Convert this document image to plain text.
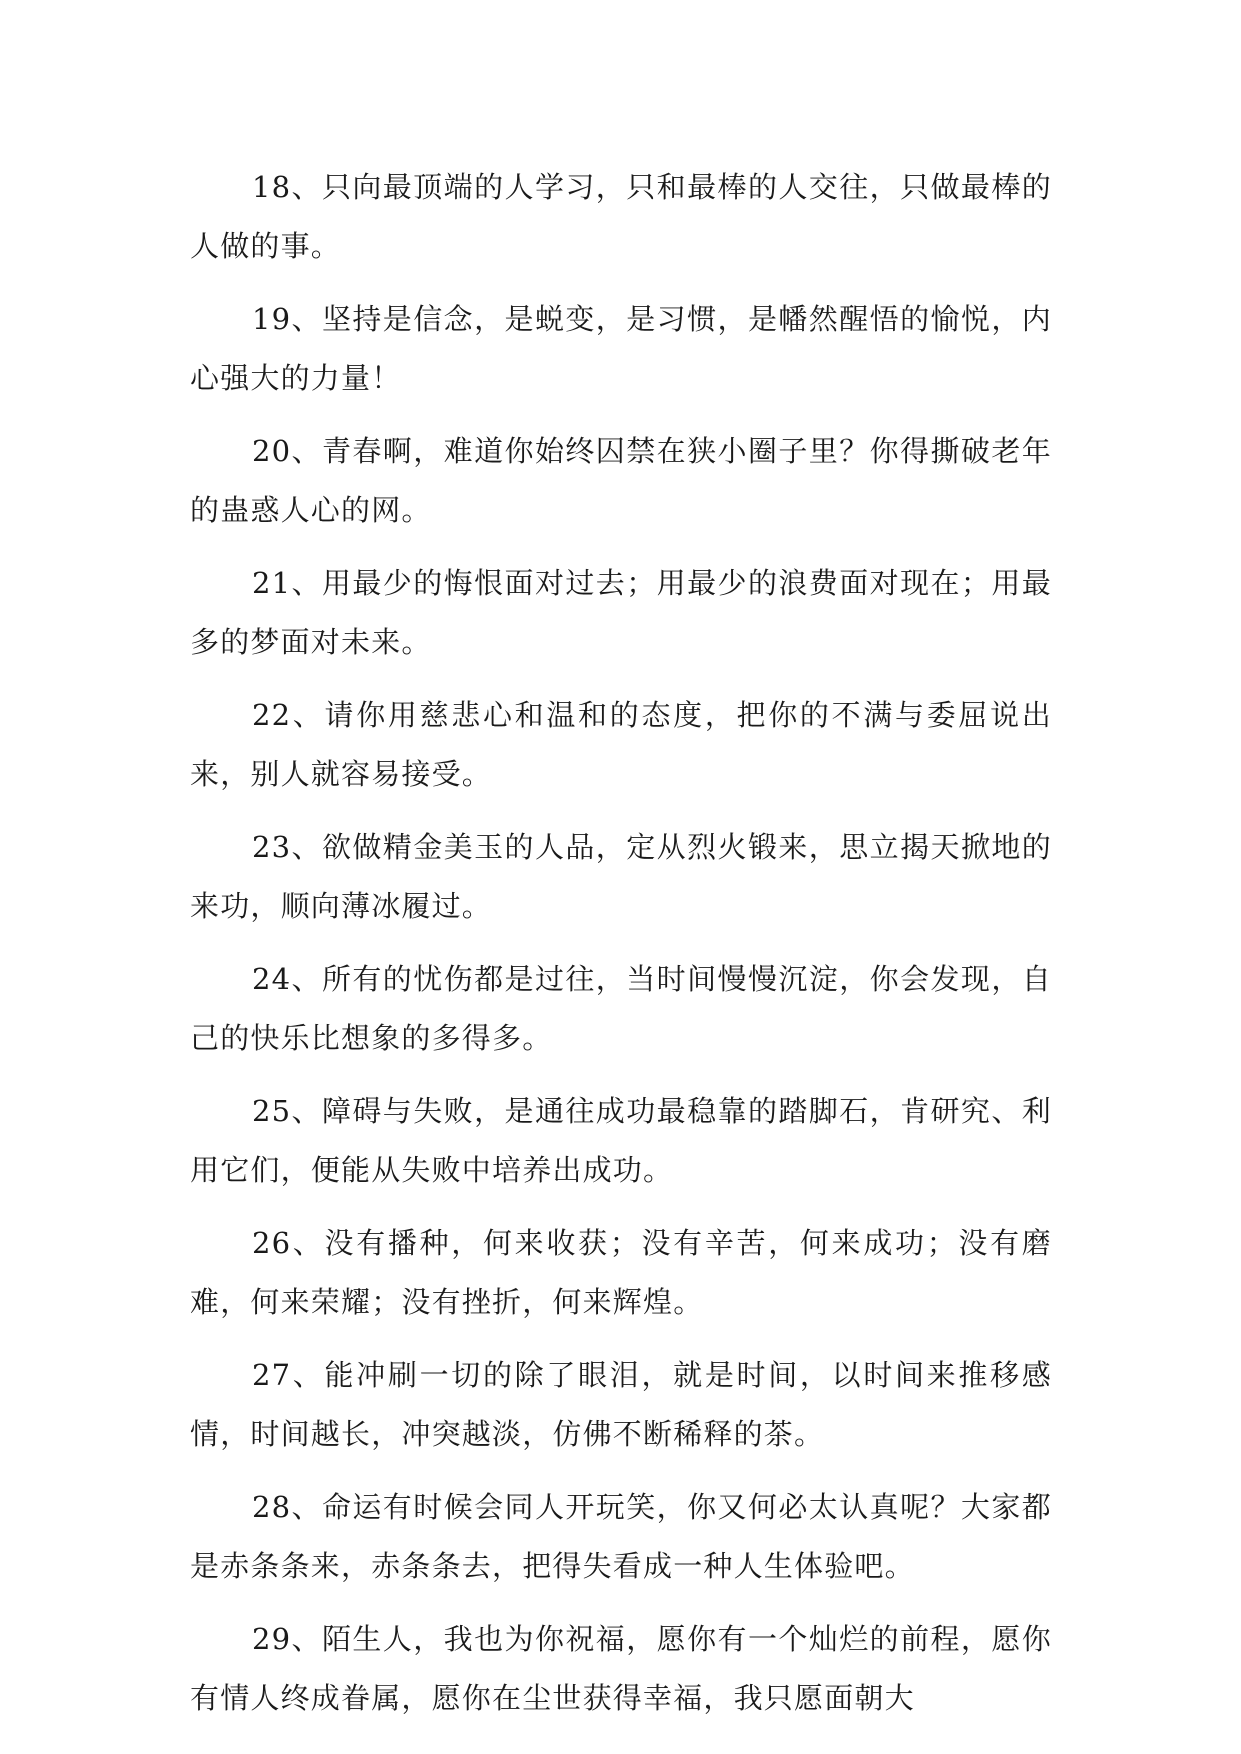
18、只向最顶端的人学习，只和最棒的人交往，只做最棒的人做的事。

19、坚持是信念，是蜕变，是习惯，是幡然醒悟的愉悦，内心强大的力量！

20、青春啊，难道你始终囚禁在狭小圈子里？你得撕破老年的蛊惑人心的网。

21、用最少的悔恨面对过去；用最少的浪费面对现在；用最多的梦面对未来。

22、请你用慈悲心和温和的态度，把你的不满与委屈说出来，别人就容易接受。

23、欲做精金美玉的人品，定从烈火锻来，思立揭天掀地的来功，顺向薄冰履过。

24、所有的忧伤都是过往，当时间慢慢沉淀，你会发现，自己的快乐比想象的多得多。

25、障碍与失败，是通往成功最稳靠的踏脚石，肯研究、利用它们，便能从失败中培养出成功。

26、没有播种，何来收获；没有辛苦，何来成功；没有磨难，何来荣耀；没有挫折，何来辉煌。

27、能冲刷一切的除了眼泪，就是时间，以时间来推移感情，时间越长，冲突越淡，仿佛不断稀释的茶。

28、命运有时候会同人开玩笑，你又何必太认真呢？大家都是赤条条来，赤条条去，把得失看成一种人生体验吧。

29、陌生人，我也为你祝福，愿你有一个灿烂的前程，愿你有情人终成眷属，愿你在尘世获得幸福，我只愿面朝大
